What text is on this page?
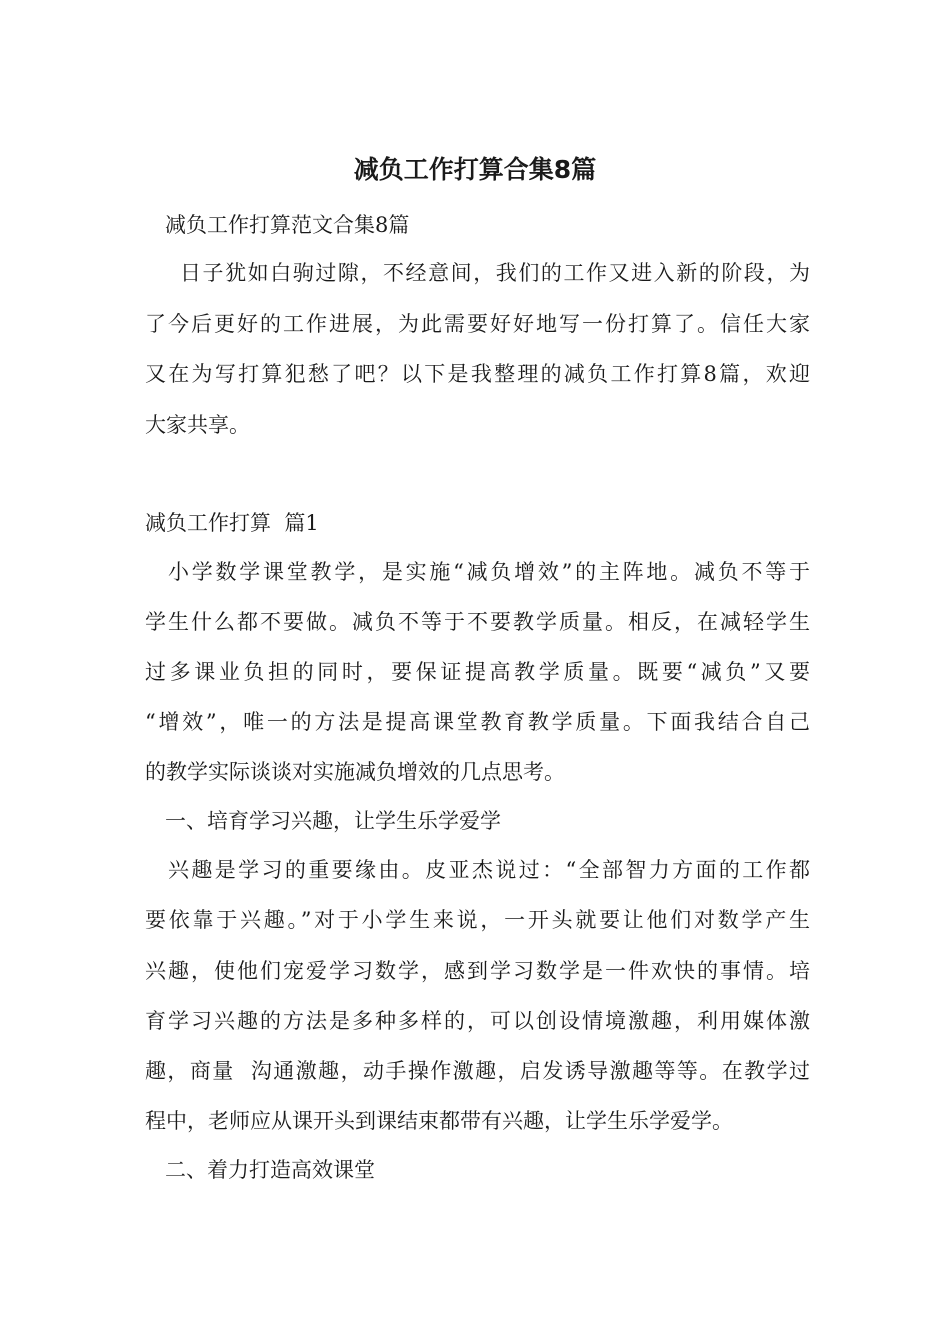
减负工作打算合集8篇

减负工作打算范文合集8篇

日子犹如白驹过隙，不经意间，我们的工作又进入新的阶段，为

了今后更好的工作进展，为此需要好好地写一份打算了。信任大家

又在为写打算犯愁了吧？以下是我整理的减负工作打算8篇，欢迎

大家共享。

减负工作打算  篇1

小学数学课堂教学，是实施“减负增效”的主阵地。减负不等于

学生什么都不要做。减负不等于不要教学质量。相反，在减轻学生

过多课业负担的同时，要保证提高教学质量。既要“减负”又要

“增效”，唯一的方法是提高课堂教育教学质量。下面我结合自己

的教学实际谈谈对实施减负增效的几点思考。

一、培育学习兴趣，让学生乐学爱学

兴趣是学习的重要缘由。皮亚杰说过：“全部智力方面的工作都

要依靠于兴趣。”对于小学生来说，一开头就要让他们对数学产生

兴趣，使他们宠爱学习数学，感到学习数学是一件欢快的事情。培

育学习兴趣的方法是多种多样的，可以创设情境激趣，利用媒体激

趣，商量  沟通激趣，动手操作激趣，启发诱导激趣等等。在教学过

程中，老师应从课开头到课结束都带有兴趣，让学生乐学爱学。

二、着力打造高效课堂
